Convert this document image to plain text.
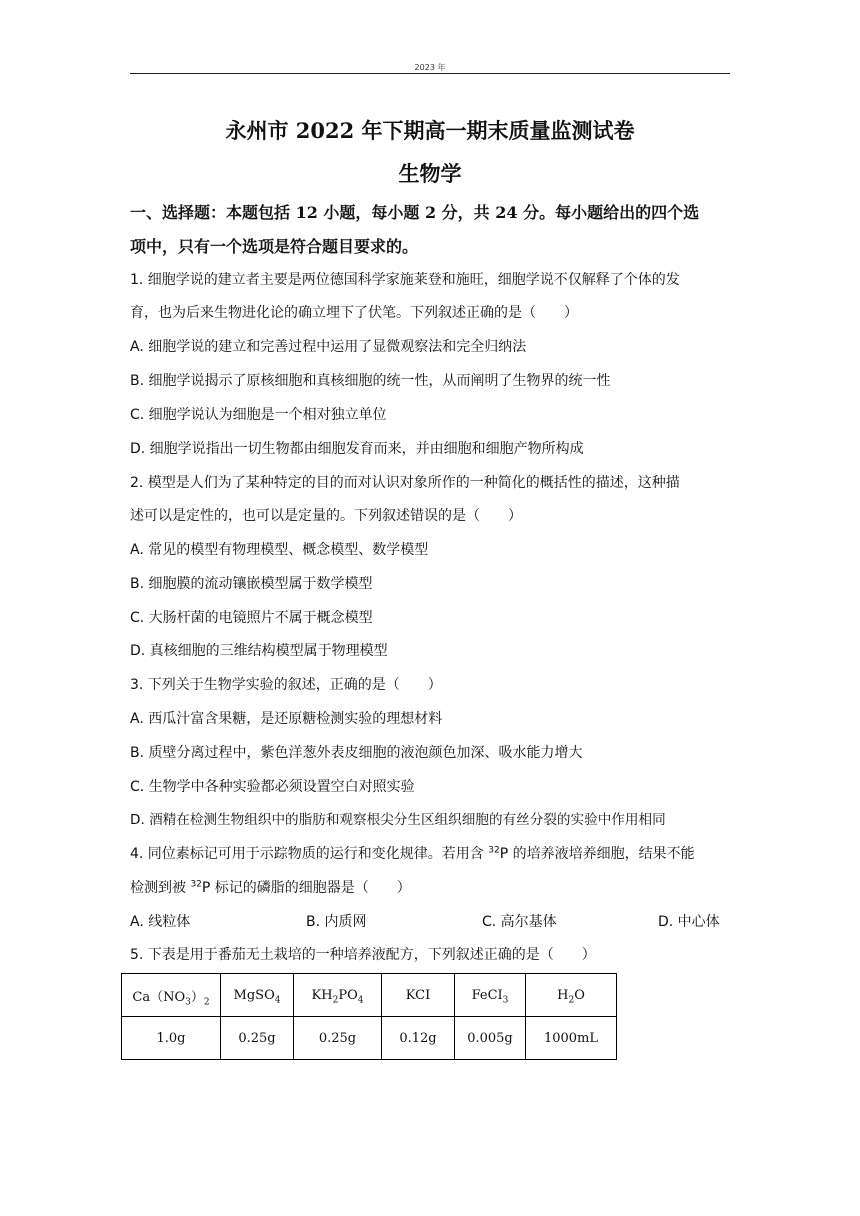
2023 年
永州市 2022 年下期高一期末质量监测试卷
生物学
一、选择题：本题包括 12 小题，每小题 2 分，共 24 分。每小题给出的四个选
项中，只有一个选项是符合题目要求的。
1. 细胞学说的建立者主要是两位德国科学家施莱登和施旺，细胞学说不仅解释了个体的发
育，也为后来生物进化论的确立埋下了伏笔。下列叙述正确的是（　　）
A. 细胞学说的建立和完善过程中运用了显微观察法和完全归纳法
B. 细胞学说揭示了原核细胞和真核细胞的统一性，从而阐明了生物界的统一性
C. 细胞学说认为细胞是一个相对独立单位
D. 细胞学说指出一切生物都由细胞发育而来，并由细胞和细胞产物所构成
2. 模型是人们为了某种特定的目的而对认识对象所作的一种简化的概括性的描述，这种描
述可以是定性的，也可以是定量的。下列叙述错误的是（　　）
A. 常见的模型有物理模型、概念模型、数学模型
B. 细胞膜的流动镶嵌模型属于数学模型
C. 大肠杆菌的电镜照片不属于概念模型
D. 真核细胞的三维结构模型属于物理模型
3. 下列关于生物学实验的叙述，正确的是（　　）
A. 西瓜汁富含果糖，是还原糖检测实验的理想材料
B. 质壁分离过程中，紫色洋葱外表皮细胞的液泡颜色加深、吸水能力增大
C. 生物学中各种实验都必须设置空白对照实验
D. 酒精在检测生物组织中的脂肪和观察根尖分生区组织细胞的有丝分裂的实验中作用相同
4. 同位素标记可用于示踪物质的运行和变化规律。若用含 $^{32}$P 的培养液培养细胞，结果不能
检测到被 $^{32}$P 标记的磷脂的细胞器是（　　）
A. 线粒体	B. 内质网	C. 高尔基体	D. 中心体
5. 下表是用于番茄无土栽培的一种培养液配方，下列叙述正确的是（　　）
$Ca(NO_3)_2$	MgSO$_4$	$KH_2PO_4$	KCI	FeCI$_3$	$H_2O$
1.0g	0.25g	0.25g	0.12g	0.005g	1000mL
